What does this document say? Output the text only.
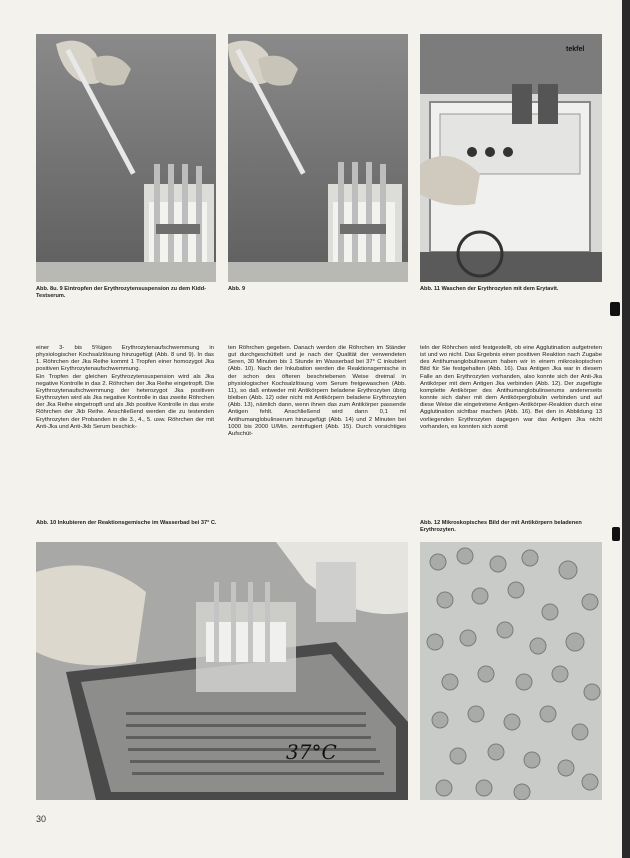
tekfel
Abb. 8u. 9 Eintropfen der Erythrozytensuspension zu dem Kidd-Testserum.
Abb. 9	Abb. 11 Waschen der Erythrozyten mit dem Erytavit.

einer 3- bis 5%igen Erythrozytenaufschwemmung in physiologischer Kochsalzlösung hinzugefügt (Abb. 8 und 9). In das 1. Röhrchen der Jka Reihe kommt 1 Tropfen einer homozygot Jka positiven Erythrozytenaufschwemmung.

Ein Tropfen der gleichen Erythrozytensuspension wird als Jka negative Kontrolle in das 2. Röhrchen der Jka Reihe eingetropft. Die Erythrozytenaufschwemmung der heterozygot Jka positiven Erythrozyten wird als Jka negative Kontrolle in das zweite Röhrchen der Jka Reihe eingetropft und als Jkb positive Kontrolle in das erste Röhrchen der Jkb Reihe. Anschließend werden die zu testenden Erythrozyten der Probanden in die 3., 4., 5. usw. Röhrchen der mit Anti-Jka und Anti-Jkb Serum beschick-

ten Röhrchen gegeben. Danach werden die Röhrchen im Ständer gut durchgeschüttelt und je nach der Qualität der verwendeten Seren, 30 Minuten bis 1 Stunde im Wasserbad bei 37° C inkubiert (Abb. 10). Nach der Inkubation werden die Reaktionsgemische in der schon des öfteren beschriebenen Weise dreimal in physiologischer Kochsalzlösung vom Serum freigewaschen (Abb. 11), so daß entweder mit Antikörpern beladene Erythrozyten übrig bleiben (Abb. 12) oder nicht mit Antikörpern beladene Erythrozyten (Abb. 13), nämlich dann, wenn ihnen das zum Antikörper passende Antigen fehlt. Anschließend wird dann 0,1 ml Antihumanglobulinserum hinzugefügt (Abb. 14) und 2 Minuten bei 1000 bis 2000 U/Min. zentrifugiert (Abb. 15). Durch vorsichtiges Aufschüt-

teln der Röhrchen wird festgestellt, ob eine Agglutination aufgetreten ist und wo nicht. Das Ergebnis einer positiven Reaktion nach Zugabe des Antihumanglobulinserum haben wir in einem mikroskopischen Bild für Sie festgehalten (Abb. 16). Das Antigen Jka war in diesem Falle an den Erythrozyten vorhanden, also konnte sich der Anti-Jka Antikörper mit dem Antigen Jka verbinden (Abb. 12). Der zugefügte komplette Antikörper des Antihumanglobulinserums andererseits konnte sich daher mit dem Antikörperglobulin verbinden und auf diese Weise die eingetretene Antigen-Antikörper-Reaktion durch eine Agglutination sichtbar machen (Abb. 16). Bei den in Abbildung 13 vorliegenden Erythrozyten dagegen war das Antigen Jka nicht vorhanden, es konnten sich somit

Abb. 10 Inkubieren der Reaktionsgemische im Wasserbad bei 37° C.	Abb. 12 Mikroskopisches Bild der mit Antikörpern beladenen Erythrozyten.
37°C
30
